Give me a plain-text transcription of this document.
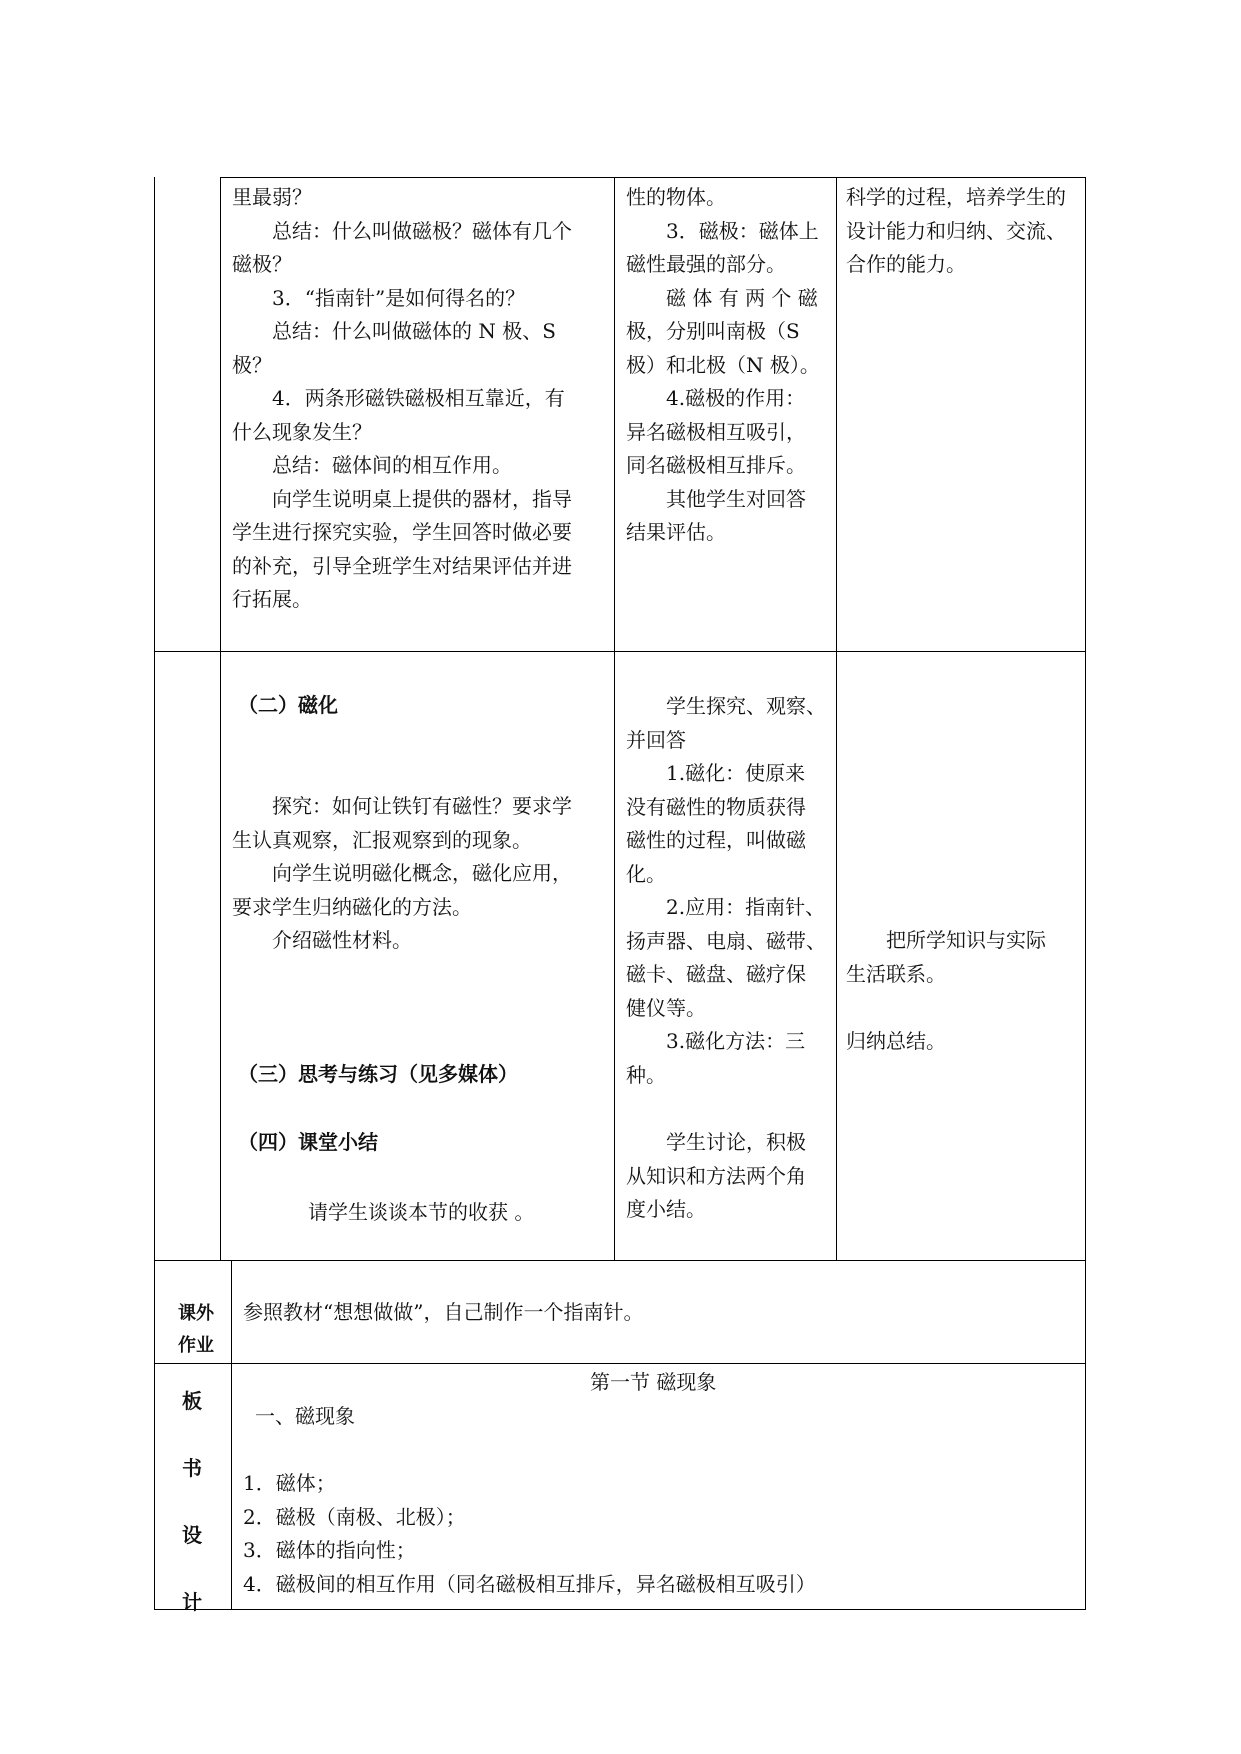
里最弱？

　　总结：什么叫做磁极？磁体有几个

磁极？

　　3．“指南针”是如何得名的？

　　总结：什么叫做磁体的 N 极、S

极？

　　4．两条形磁铁磁极相互靠近，有

什么现象发生？

　　总结：磁体间的相互作用。

　　向学生说明桌上提供的器材，指导

学生进行探究实验，学生回答时做必要

的补充，引导全班学生对结果评估并进

行拓展。

性的物体。

　　3．磁极：磁体上

磁性最强的部分。

　　磁 体 有 两 个 磁

极，分别叫南极（S

极）和北极（N 极）。

　　4.磁极的作用：

异名磁极相互吸引，

同名磁极相互排斥。

　　其他学生对回答

结果评估。

科学的过程，培养学生的

设计能力和归纳、交流、

合作的能力。

（二）磁化

　　探究：如何让铁钉有磁性？要求学

生认真观察，汇报观察到的现象。

　　向学生说明磁化概念，磁化应用，

要求学生归纳磁化的方法。

　　介绍磁性材料。

（三）思考与练习（见多媒体）
（四）课堂小结
请学生谈谈本节的收获 。

　　学生探究、观察、

并回答

　　1.磁化：使原来

没有磁性的物质获得

磁性的过程，叫做磁

化。

　　2.应用：指南针、

扬声器、电扇、磁带、

磁卡、磁盘、磁疗保

健仪等。

　　3.磁化方法：三

种。

　　学生讨论，积极

从知识和方法两个角

度小结。

　　把所学知识与实际

生活联系。

归纳总结。

课外

作业

参照教材“想想做做”，自己制作一个指南针。

板

书

设

计

第一节 磁现象
一、磁现象

1．磁体；

2．磁极（南极、北极）；

3．磁体的指向性；

4．磁极间的相互作用（同名磁极相互排斥，异名磁极相互吸引）
